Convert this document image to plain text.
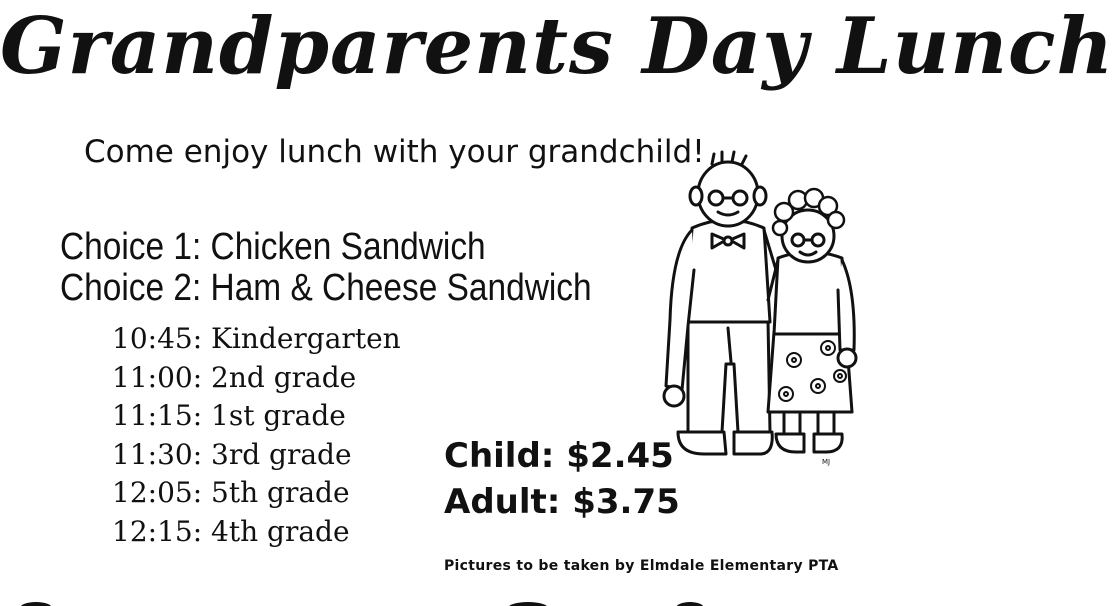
Grandparents Day Lunch
Come enjoy lunch with your grandchild!
Choice 1: Chicken Sandwich
Choice 2: Ham & Cheese Sandwich
10:45: Kindergarten
11:00: 2nd grade
11:15: 1st grade
11:30: 3rd grade
12:05: 5th grade
12:15: 4th grade
Child: $2.45
Adult: $3.75
Pictures to be taken by Elmdale Elementary PTA
MJ
